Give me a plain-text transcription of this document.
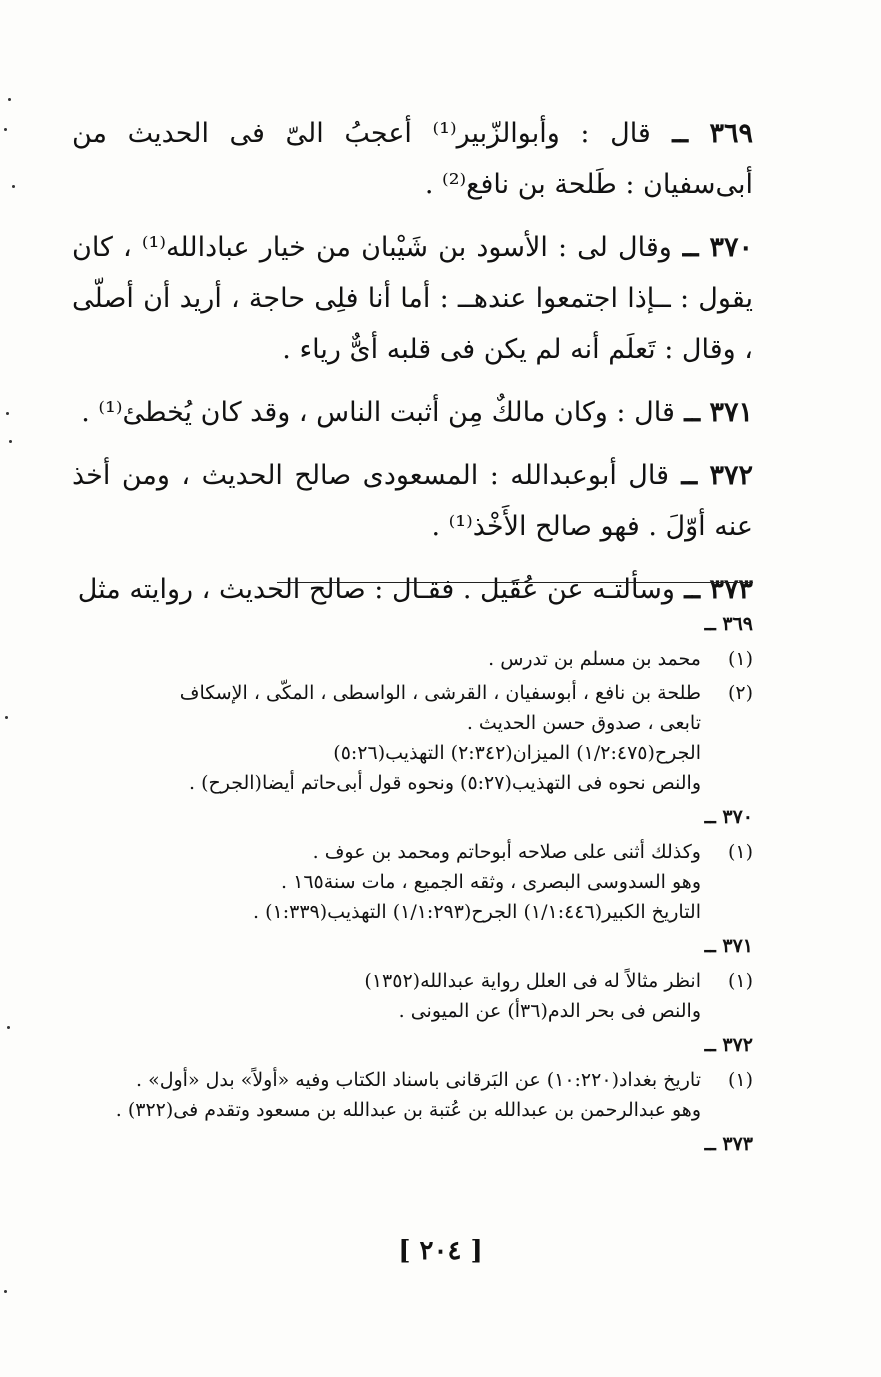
٣٦٩ ــ قال : وأبوالزّبير⁽¹⁾ أعجبُ الىّ فى الحديث من أبى‌سفيان : طَلحة بن نافع⁽²⁾ .

٣٧٠ ــ وقال لى : الأسود بن شَيْبان من خيار عبادالله⁽¹⁾ ، كان يقول : ــإذا اجتمعوا عندهــ : أما أنا فلِى حاجة ، أريد أن أصلّى ، وقال : تَعلَم أنه لم يكن فى قلبه أىٌّ رياء .

٣٧١ ــ قال : وكان مالكٌ مِن أثبت الناس ، وقد كان يُخطئ⁽¹⁾ .

٣٧٢ ــ قال أبوعبدالله : المسعودى صالح الحديث ، ومن أخذ عنه أوّلَ . فهو صالح الأَخْذ⁽¹⁾ .

٣٧٣ ــ وسألتـه عن عُقَيل . فقـال : صالح الحديث ، روايته مثل

٣٦٩ ــ
(١)
محمد بن مسلم بن تدرس .
(٢)
طلحة بن نافع ، أبوسفيان ، القرشى ، الواسطى ، المكّى ، الإسكاف
تابعى ، صدوق حسن الحديث .
الجرح(١/٢:٤٧٥) الميزان(٢:٣٤٢) التهذيب(٥:٢٦)
والنص نحوه فى التهذيب(٥:٢٧) ونحوه قول أبى‌حاتم أيضا(الجرح) .
٣٧٠ ــ
(١)
وكذلك أثنى على صلاحه أبوحاتم ومحمد بن عوف .
وهو السدوسى البصرى ، وثقه الجميع ، مات سنة١٦٥ .
التاريخ الكبير(١/١:٤٤٦) الجرح(١/١:٢٩٣) التهذيب(١:٣٣٩) .
٣٧١ ــ
(١)
انظر مثالاً له فى العلل رواية عبدالله(١٣٥٢)
والنص فى بحر الدم(٣٦أ) عن الميونى .
٣٧٢ ــ
(١)
تاريخ بغداد(١٠:٢٢٠) عن البَرقانى باسناد الكتاب وفيه «أولاً» بدل «أول» .
وهو عبدالرحمن بن عبدالله بن عُتبة بن عبدالله بن مسعود وتقدم فى(٣٢٢) .
٣٧٣ ــ
[ ٢٠٤ ]
